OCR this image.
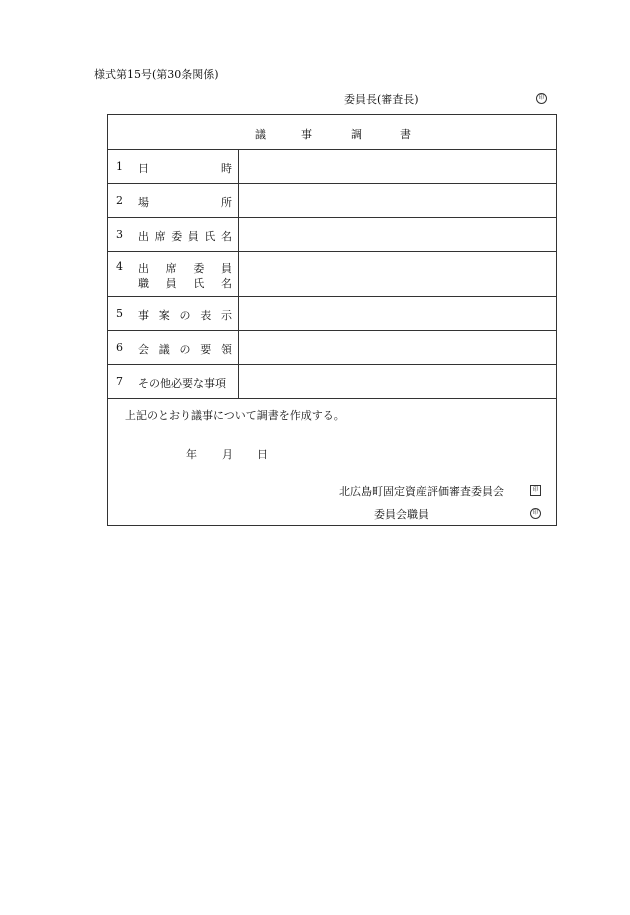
様式第15号(第30条関係)
委員長(審査長)	印
議	事	調	書
1 日	時
2 場	所
3 出 席 委 員 氏 名
4 出 席 委 員
職 員 氏 名
5 事 案 の 表 示
6 会 議 の 要 領
7 その他必要な事項
上記のとおり議事について調書を作成する。
年 月 日
北広島町固定資産評価審査委員会	印
委員会職員	印
